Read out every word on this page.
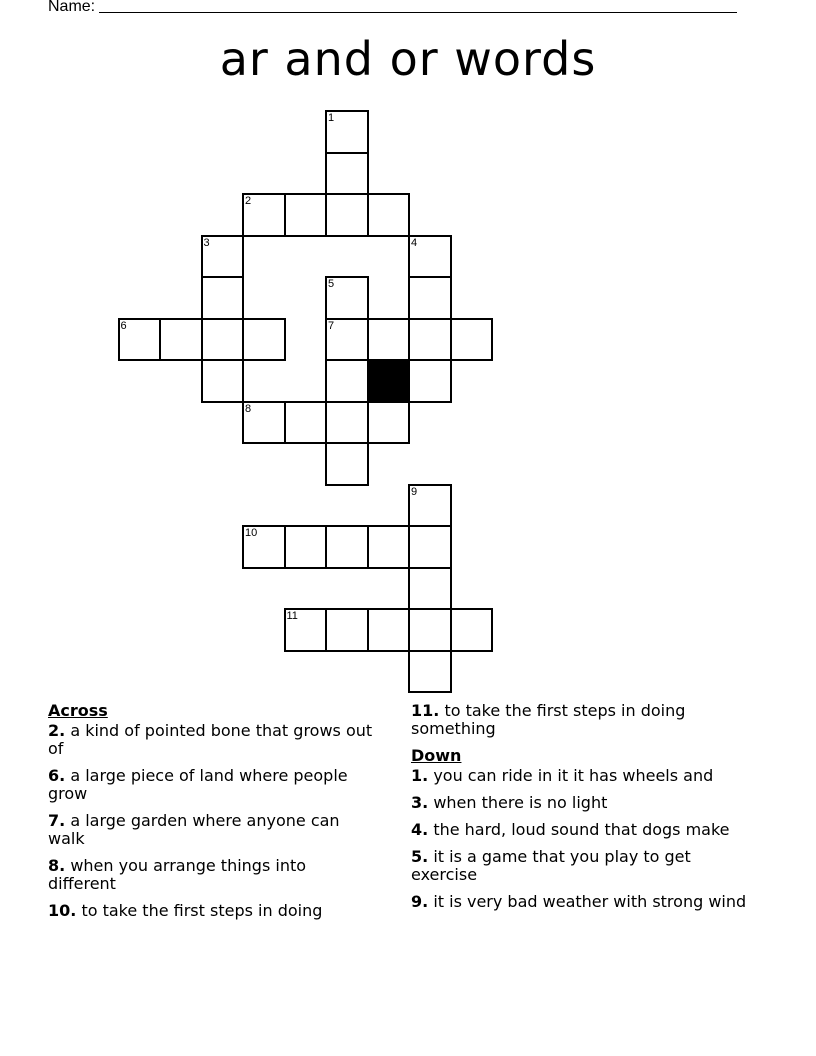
Name:
ar and or words
1
2
3	4
5
6	7
8
9
10
11
Across
2. a kind of pointed bone that grows out of
6. a large piece of land where people grow
7. a large garden where anyone can walk
8. when you arrange things into different
10. to take the first steps in doing
11. to take the first steps in doing something
Down
1. you can ride in it it has wheels and
3. when there is no light
4. the hard, loud sound that dogs make
5. it is a game that you play to get exercise
9. it is very bad weather with strong wind
